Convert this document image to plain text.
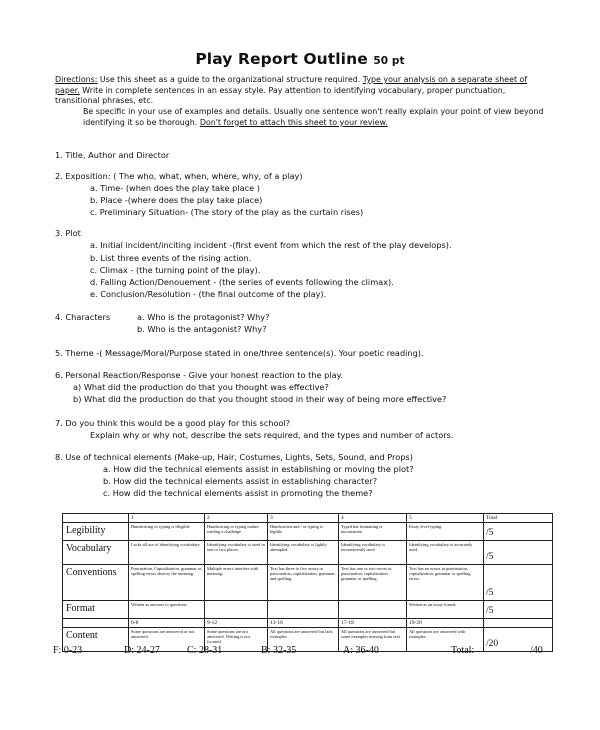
Play Report Outline 50 pt
Directions: Use this sheet as a guide to the organizational structure required. Type your analysis on a separate sheet of paper. Write in complete sentences in an essay style. Pay attention to identifying vocabulary, proper punctuation, transitional phrases, etc.
Be specific in your use of examples and details. Usually one sentence won't really explain your point of view beyond identifying it so be thorough. Don't forget to attach this sheet to your review.
1. Title, Author and Director
2. Exposition: ( The who, what, when, where, why, of a play)
a. Time- (when does the play take place )
b. Place -(where does the play take place)
c. Preliminary Situation- (The story of the play as the curtain rises)
3. Plot
a. Initial incident/inciting incident -(first event from which the rest of the play develops).
b. List three events of the rising action.
c. Climax - (the turning point of the play).
d. Falling Action/Denouement - (the series of events following the climax).
e. Conclusion/Resolution - (the final outcome of the play).
4. Characters	a. Who is the protagonist? Why?
b. Who is the antagonist? Why?
5. Theme -( Message/Moral/Purpose stated in one/three sentence(s). Your poetic reading).
6. Personal Reaction/Response - Give your honest reaction to the play.
a) What did the production do that you thought was effective?
b) What did the production do that you thought stood in their way of being more effective?
7. Do you think this would be a good play for this school?
Explain why or why not, describe the sets required, and the types and number of actors.
8. Use of technical elements (Make-up, Hair, Costumes, Lights, Sets, Sound, and Props)
a. How did the technical elements assist in establishing or moving the plot?
b. How did the technical elements assist in establishing character?
c. How did the technical elements assist in promoting the theme?
	1	2	3	4	5	Total
Legibility	Handwriting or typing is illegible	Handwriting or typing makes reading a challenge	Handwritten and / or typing is legible.	Typed but formatting is inconsistent	Essay level typing.	/5
Vocabulary	Lacks all use of identifying vocabulary	Identifying vocabulary is used in one or two places.	Identifying vocabulary is lightly attempted.	Identifying vocabulary is inconsistently used.	Identifying vocabulary is accurately used.	/5
Conventions	Punctuation, Capitalization, grammar or spelling errors destroy the meaning.	Multiple errors interfere with meaning.	Text has three to five errors in punctuation, capitalization, grammar, and spelling.	Text has one or two errors in punctuation, capitalization, grammar or spelling.	Text has no errors in punctuation, capitalization, grammar or spelling errors.	/5
Format	Written as answers to questions				Written as an essay format	/5
	0-8	9-12	13-16	17-18	19-20	
Content	Some questions are answered or not answered.	Some questions are not answered. Writing is not focused.	All questions are answered but lack examples.	All questions are answered but some examples missing from text.	All questions are answered with examples.	/20
F: 0-23	D: 24-27	C: 28-31	B: 32-35	A: 36-40	Total:	/40
